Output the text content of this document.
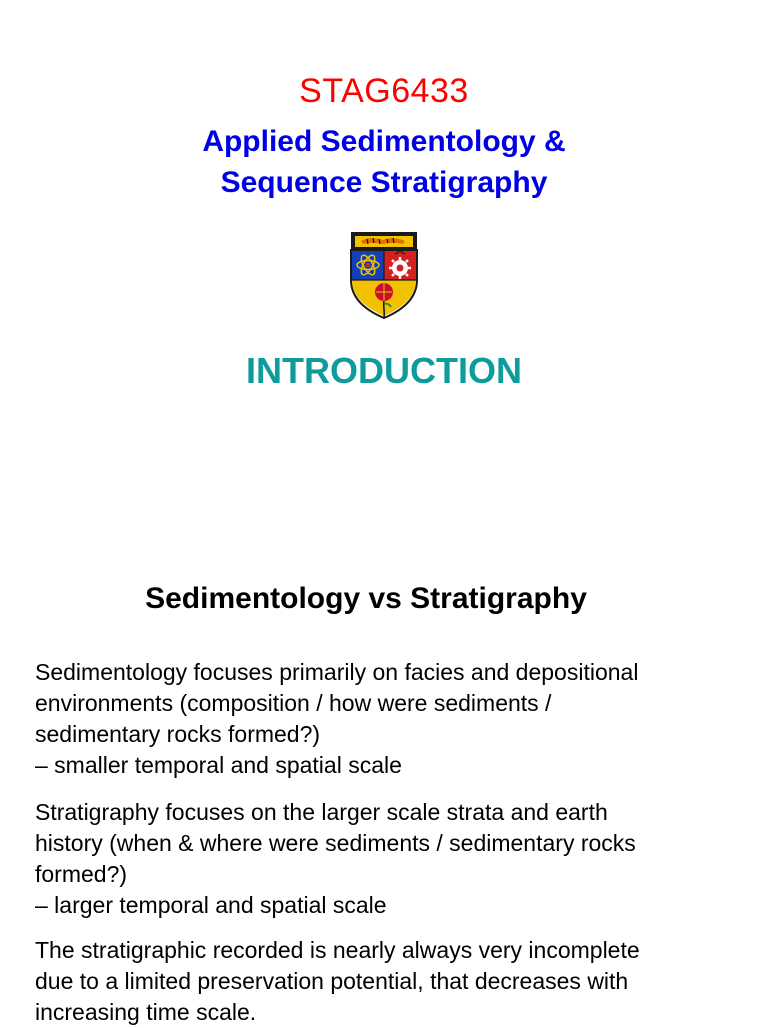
STAG6433
Applied Sedimentology &
Sequence Stratigraphy
INTRODUCTION
Sedimentology vs Stratigraphy

Sedimentology focuses primarily on facies and depositional

environments (composition / how were sediments /

sedimentary rocks formed?)

– smaller temporal and spatial scale

Stratigraphy focuses on the larger scale strata and earth

history (when & where were sediments / sedimentary rocks

formed?)

– larger temporal and spatial scale

The stratigraphic recorded is nearly always very incomplete

due to a limited preservation potential, that decreases with

increasing time scale.
